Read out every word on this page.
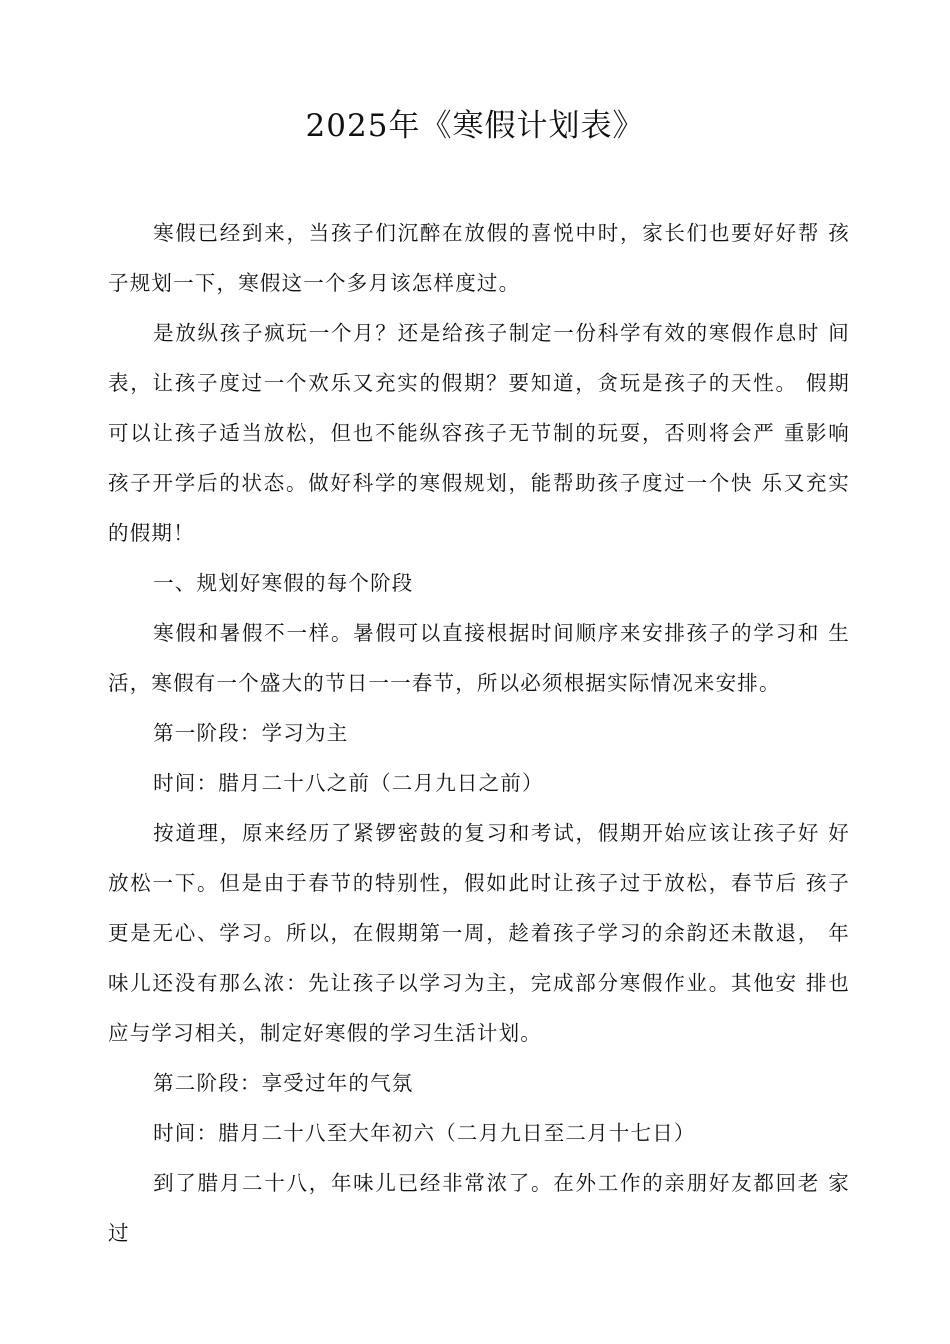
2025年《寒假计划表》

寒假已经到来，当孩子们沉醉在放假的喜悦中时，家长们也要好好帮 孩子规划一下，寒假这一个多月该怎样度过。

是放纵孩子疯玩一个月？还是给孩子制定一份科学有效的寒假作息时 间表，让孩子度过一个欢乐又充实的假期？要知道，贪玩是孩子的天性。 假期可以让孩子适当放松，但也不能纵容孩子无节制的玩耍，否则将会严 重影响孩子开学后的状态。做好科学的寒假规划，能帮助孩子度过一个快 乐又充实的假期！

一、规划好寒假的每个阶段

寒假和暑假不一样。暑假可以直接根据时间顺序来安排孩子的学习和 生活，寒假有一个盛大的节日一一春节，所以必须根据实际情况来安排。

第一阶段：学习为主

时间：腊月二十八之前（二月九日之前）

按道理，原来经历了紧锣密鼓的复习和考试，假期开始应该让孩子好 好放松一下。但是由于春节的特别性，假如此时让孩子过于放松，春节后 孩子更是无心、学习。所以，在假期第一周，趁着孩子学习的余韵还未散退， 年味儿还没有那么浓：先让孩子以学习为主，完成部分寒假作业。其他安 排也应与学习相关，制定好寒假的学习生活计划。

第二阶段：享受过年的气氛

时间：腊月二十八至大年初六（二月九日至二月十七日）

到了腊月二十八，年味儿已经非常浓了。在外工作的亲朋好友都回老 家过
